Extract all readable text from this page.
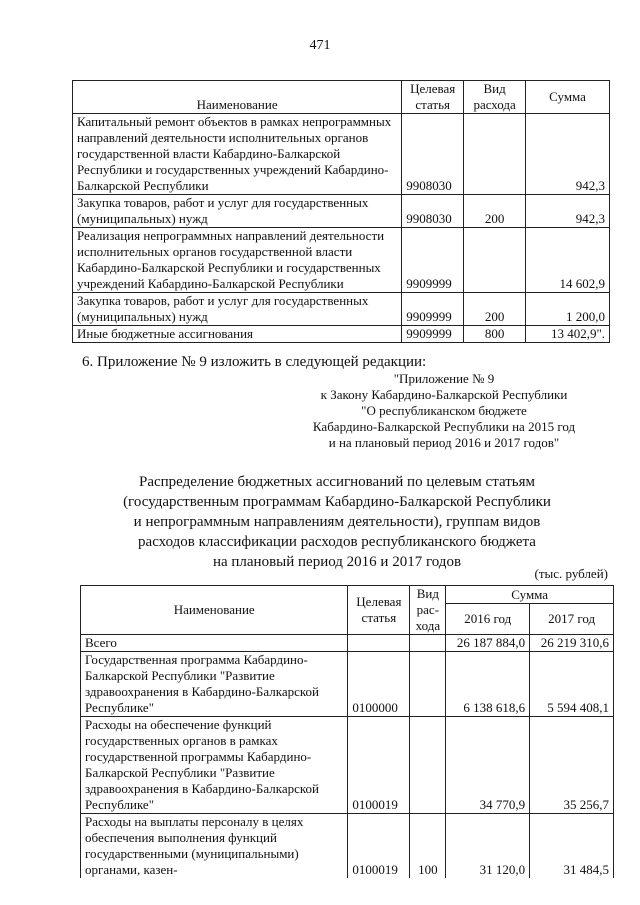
471
Наименование	Целевая статья	Вид расхода	Сумма
Капитальный ремонт объектов в рамках непрограммных направлений деятельности исполнительных органов государственной власти Кабардино-Балкарской Республики и государственных учреждений Кабардино-Балкарской Республики	9908030		942,3
Закупка товаров, работ и услуг для государственных (муниципальных) нужд	9908030	200	942,3
Реализация непрограммных направлений деятельности исполнительных органов государственной власти Кабардино-Балкарской Республики и государственных учреждений Кабардино-Балкарской Республики	9909999		14 602,9
Закупка товаров, работ и услуг для государственных (муниципальных) нужд	9909999	200	1 200,0
Иные бюджетные ассигнования	9909999	800	13 402,9".
6. Приложение № 9 изложить в следующей редакции:
"Приложение № 9
к Закону Кабардино-Балкарской Республики
"О республиканском бюджете
Кабардино-Балкарской Республики на 2015 год
и на плановый период 2016 и 2017 годов"
Распределение бюджетных ассигнований по целевым статьям
(государственным программам Кабардино-Балкарской Республики
и непрограммным направлениям деятельности), группам видов
расходов классификации расходов республиканского бюджета
на плановый период 2016 и 2017 годов
(тыс. рублей)
Наименование	Целевая статья	Вид рас-хода	Сумма	
			2016 год	2017 год
Всего			26 187 884,0	26 219 310,6
Государственная программа Кабардино-Балкарской Республики "Развитие здравоохранения в Кабардино-Балкарской Республике"	0100000		6 138 618,6	5 594 408,1
Расходы на обеспечение функций государственных органов в рамках государственной программы Кабардино-Балкарской Республики "Развитие здравоохранения в Кабардино-Балкарской Республике"	0100019		34 770,9	35 256,7
Расходы на выплаты персоналу в целях обеспечения выполнения функций государственными (муниципальными) органами, казен-	0100019	100	31 120,0	31 484,5
